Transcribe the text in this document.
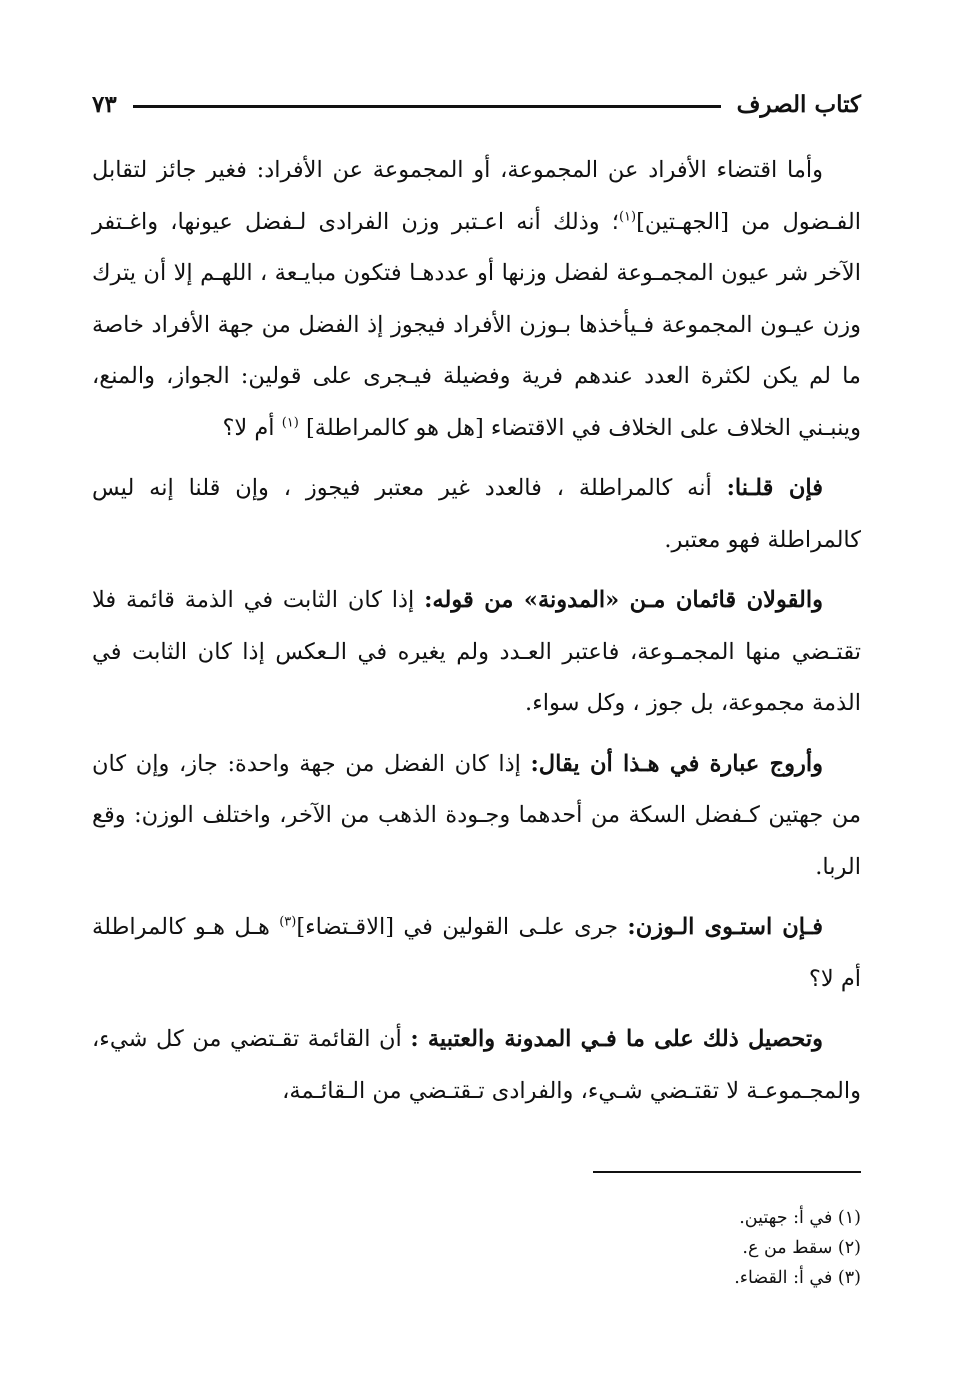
كتاب الصرف
٧٣

وأما اقتضاء الأفراد عن المجموعة، أو المجموعة عن الأفراد: فغير جائز لتقابل الفـضول من [الجهـتين]$^{(١)}$؛ وذلك أنه اعـتبر وزن الفرادى لـفضل عيونها، واغـتفر الآخر شر عيون المجمـوعة لفضل وزنها أو عددهـا فتكون مبايـعة ، اللهـم إلا أن يترك وزن عيـون المجموعة فـيأخذها بـوزن الأفراد فيجوز إذ الفضل من جهة الأفراد خاصة ما لم يكن لكثرة العدد عندهم فرية وفضيلة فيـجرى على قولين: الجواز، والمنع، وينبـني الخلاف على الخلاف في الاقتضاء [هل هو كالمراطلة] $^{(١)}$ أم لا؟

فإن قلـنا: أنه كالمراطلة ، فالعدد غير معتبر فيجوز ، وإن قلنا إنه ليس كالمراطلة فهو معتبر.

والقولان قائمان مـن «المدونة» من قوله: إذا كان الثابت في الذمة قائمة فلا تقتـضي منها المجمـوعة، فاعتبر العـدد ولم يغيره في الـعكس إذا كان الثابت في الذمة مجموعة، بل جوز ، وكل سواء.

وأروج عبارة في هـذا أن يقال: إذا كان الفضل من جهة واحدة: جاز، وإن كان من جهتين كـفضل السكة من أحدهما وجـودة الذهب من الآخر، واختلف الوزن: وقع الربا.

فـإن استـوى الـوزن: جرى علـى القولين في [الاقـتضاء]$^{(٣)}$ هـل هـو كالمراطلة أم لا؟

وتحصيل ذلك على ما فـي المدونة والعتبية : أن القائمة تقـتضي من كل شيء، والمجـموعـة لا تقتـضي شـيء، والفرادى تـقتـضي من الـقائـمة،

(١) في أ: جهتين.

(٢) سقط من ع.

(٣) في أ: القضاء.
